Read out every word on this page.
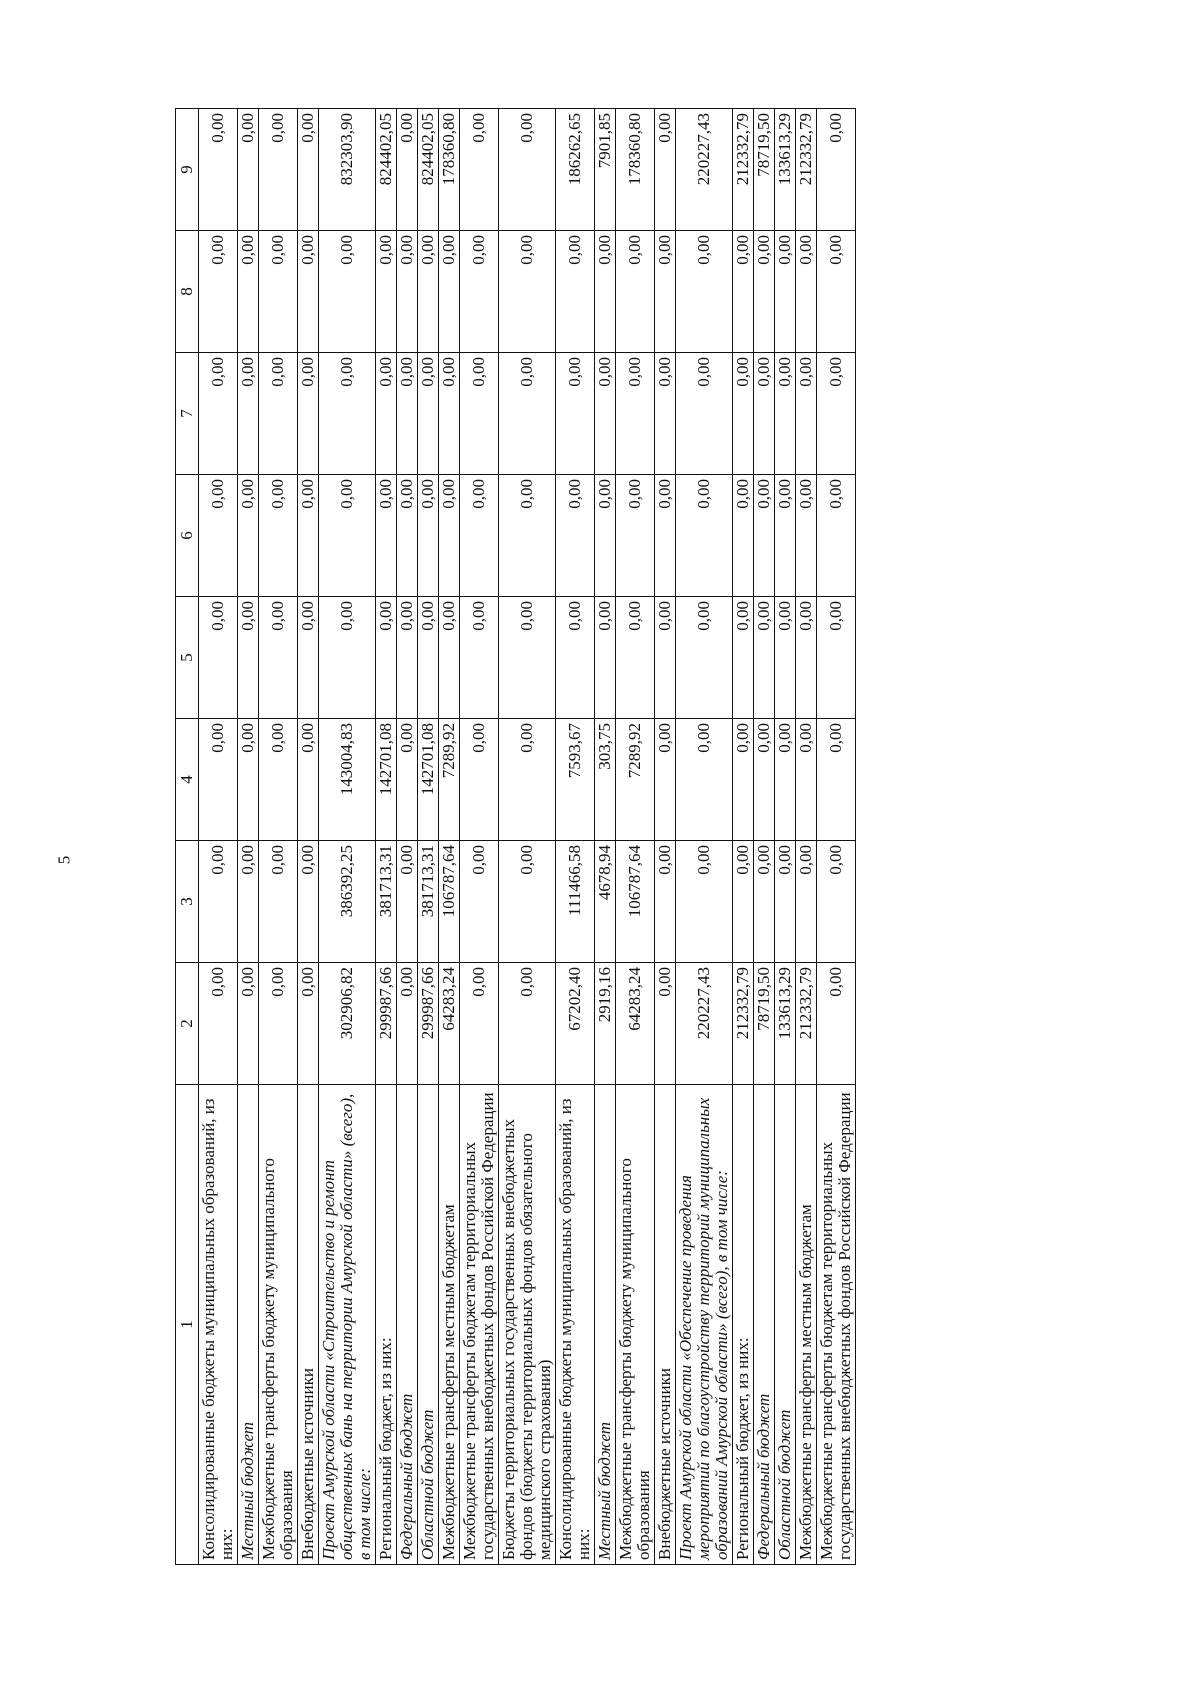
5
1	2	3	4	5	6	7	8	9
Консолидированные бюджеты муниципальных образований, из них:	0,00	0,00	0,00	0,00	0,00	0,00	0,00	0,00
Местный бюджет	0,00	0,00	0,00	0,00	0,00	0,00	0,00	0,00
Межбюджетные трансферты бюджету муниципального образования	0,00	0,00	0,00	0,00	0,00	0,00	0,00	0,00
Внебюджетные источники	0,00	0,00	0,00	0,00	0,00	0,00	0,00	0,00
Проект Амурской области «Строительство и ремонт общественных бань на территории Амурской области» (всего), в том числе:	302906,82	386392,25	143004,83	0,00	0,00	0,00	0,00	832303,90
Региональный бюджет, из них:	299987,66	381713,31	142701,08	0,00	0,00	0,00	0,00	824402,05
Федеральный бюджет	0,00	0,00	0,00	0,00	0,00	0,00	0,00	0,00
Областной бюджет	299987,66	381713,31	142701,08	0,00	0,00	0,00	0,00	824402,05
Межбюджетные трансферты местным бюджетам	64283,24	106787,64	7289,92	0,00	0,00	0,00	0,00	178360,80
Межбюджетные трансферты бюджетам территориальных государственных внебюджетных фондов Российской Федерации	0,00	0,00	0,00	0,00	0,00	0,00	0,00	0,00
Бюджеты территориальных государственных внебюджетных фондов (бюджеты территориальных фондов обязательного медицинского страхования)	0,00	0,00	0,00	0,00	0,00	0,00	0,00	0,00
Консолидированные бюджеты муниципальных образований, из них:	67202,40	111466,58	7593,67	0,00	0,00	0,00	0,00	186262,65
Местный бюджет	2919,16	4678,94	303,75	0,00	0,00	0,00	0,00	7901,85
Межбюджетные трансферты бюджету муниципального образования	64283,24	106787,64	7289,92	0,00	0,00	0,00	0,00	178360,80
Внебюджетные источники	0,00	0,00	0,00	0,00	0,00	0,00	0,00	0,00
Проект Амурской области «Обеспечение проведения мероприятий по благоустройству территорий муниципальных образований Амурской области» (всего), в том числе:	220227,43	0,00	0,00	0,00	0,00	0,00	0,00	220227,43
Региональный бюджет, из них:	212332,79	0,00	0,00	0,00	0,00	0,00	0,00	212332,79
Федеральный бюджет	78719,50	0,00	0,00	0,00	0,00	0,00	0,00	78719,50
Областной бюджет	133613,29	0,00	0,00	0,00	0,00	0,00	0,00	133613,29
Межбюджетные трансферты местным бюджетам	212332,79	0,00	0,00	0,00	0,00	0,00	0,00	212332,79
Межбюджетные трансферты бюджетам территориальных государственных внебюджетных фондов Российской Федерации	0,00	0,00	0,00	0,00	0,00	0,00	0,00	0,00
